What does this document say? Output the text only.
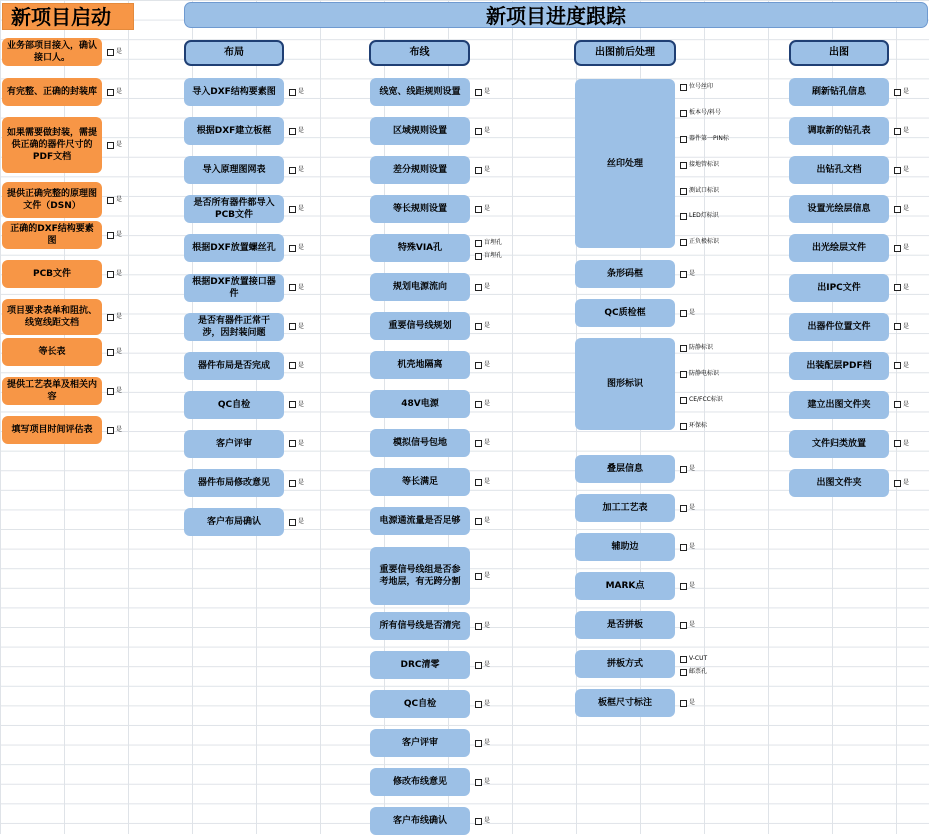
新项目启动	新项目进度跟踪
布局	布线	出图前后处理	出图
业务部项目接入，确认接口人。
是
有完整、正确的封装库	是
如果需要做封装，需提供正确的器件尺寸的PDF文档
是
提供正确完整的原理图文件（DSN）
是
正确的DXF结构要素图
是
PCB文件	是
项目要求表单和阻抗、线宽线距文档
是
等长表	是
提供工艺表单及相关内容
是
填写项目时间评估表	是
导入DXF结构要素图	是
根据DXF建立板框	是
导入原理图网表	是
是否所有器件都导入PCB文件
是
根据DXF放置螺丝孔	是
根据DXF放置接口器件
是
是否有器件正常干涉，因封装问题
是
器件布局是否完成	是
QC自检	是
客户评审	是
器件布局修改意见	是
客户布局确认	是
线宽、线距规则设置	是
区域规则设置	是
差分规则设置	是
等长规则设置	是
特殊VIA孔
盲埋孔
盲埋孔
规划电源流向	是
重要信号线规划	是
机壳地隔离	是
48V电源	是
模拟信号包地	是
等长满足	是
电源通流量是否足够	是
重要信号线组是否参考地层，有无跨分割
是
所有信号线是否清完	是
DRC清零	是
QC自检	是
客户评审	是
修改布线意见	是
客户布线确认	是
丝印处理
位号丝印
板本号/料号
器件第一PIN标
接地管标识
测试口标识
LED灯标识
正负极标识
条形码框	是
QC质检框	是
图形标识
防静标识
防静电标识
CE/FCC标识
环保标
叠层信息	是
加工工艺表	是
辅助边	是
MARK点	是
是否拼板	是
拼板方式
V-CUT
邮票孔
板框尺寸标注	是
刷新钻孔信息	是
调取新的钻孔表	是
出钻孔文档	是
设置光绘层信息	是
出光绘层文件	是
出IPC文件	是
出器件位置文件	是
出装配层PDF档	是
建立出图文件夹	是
文件归类放置	是
出图文件夹	是
